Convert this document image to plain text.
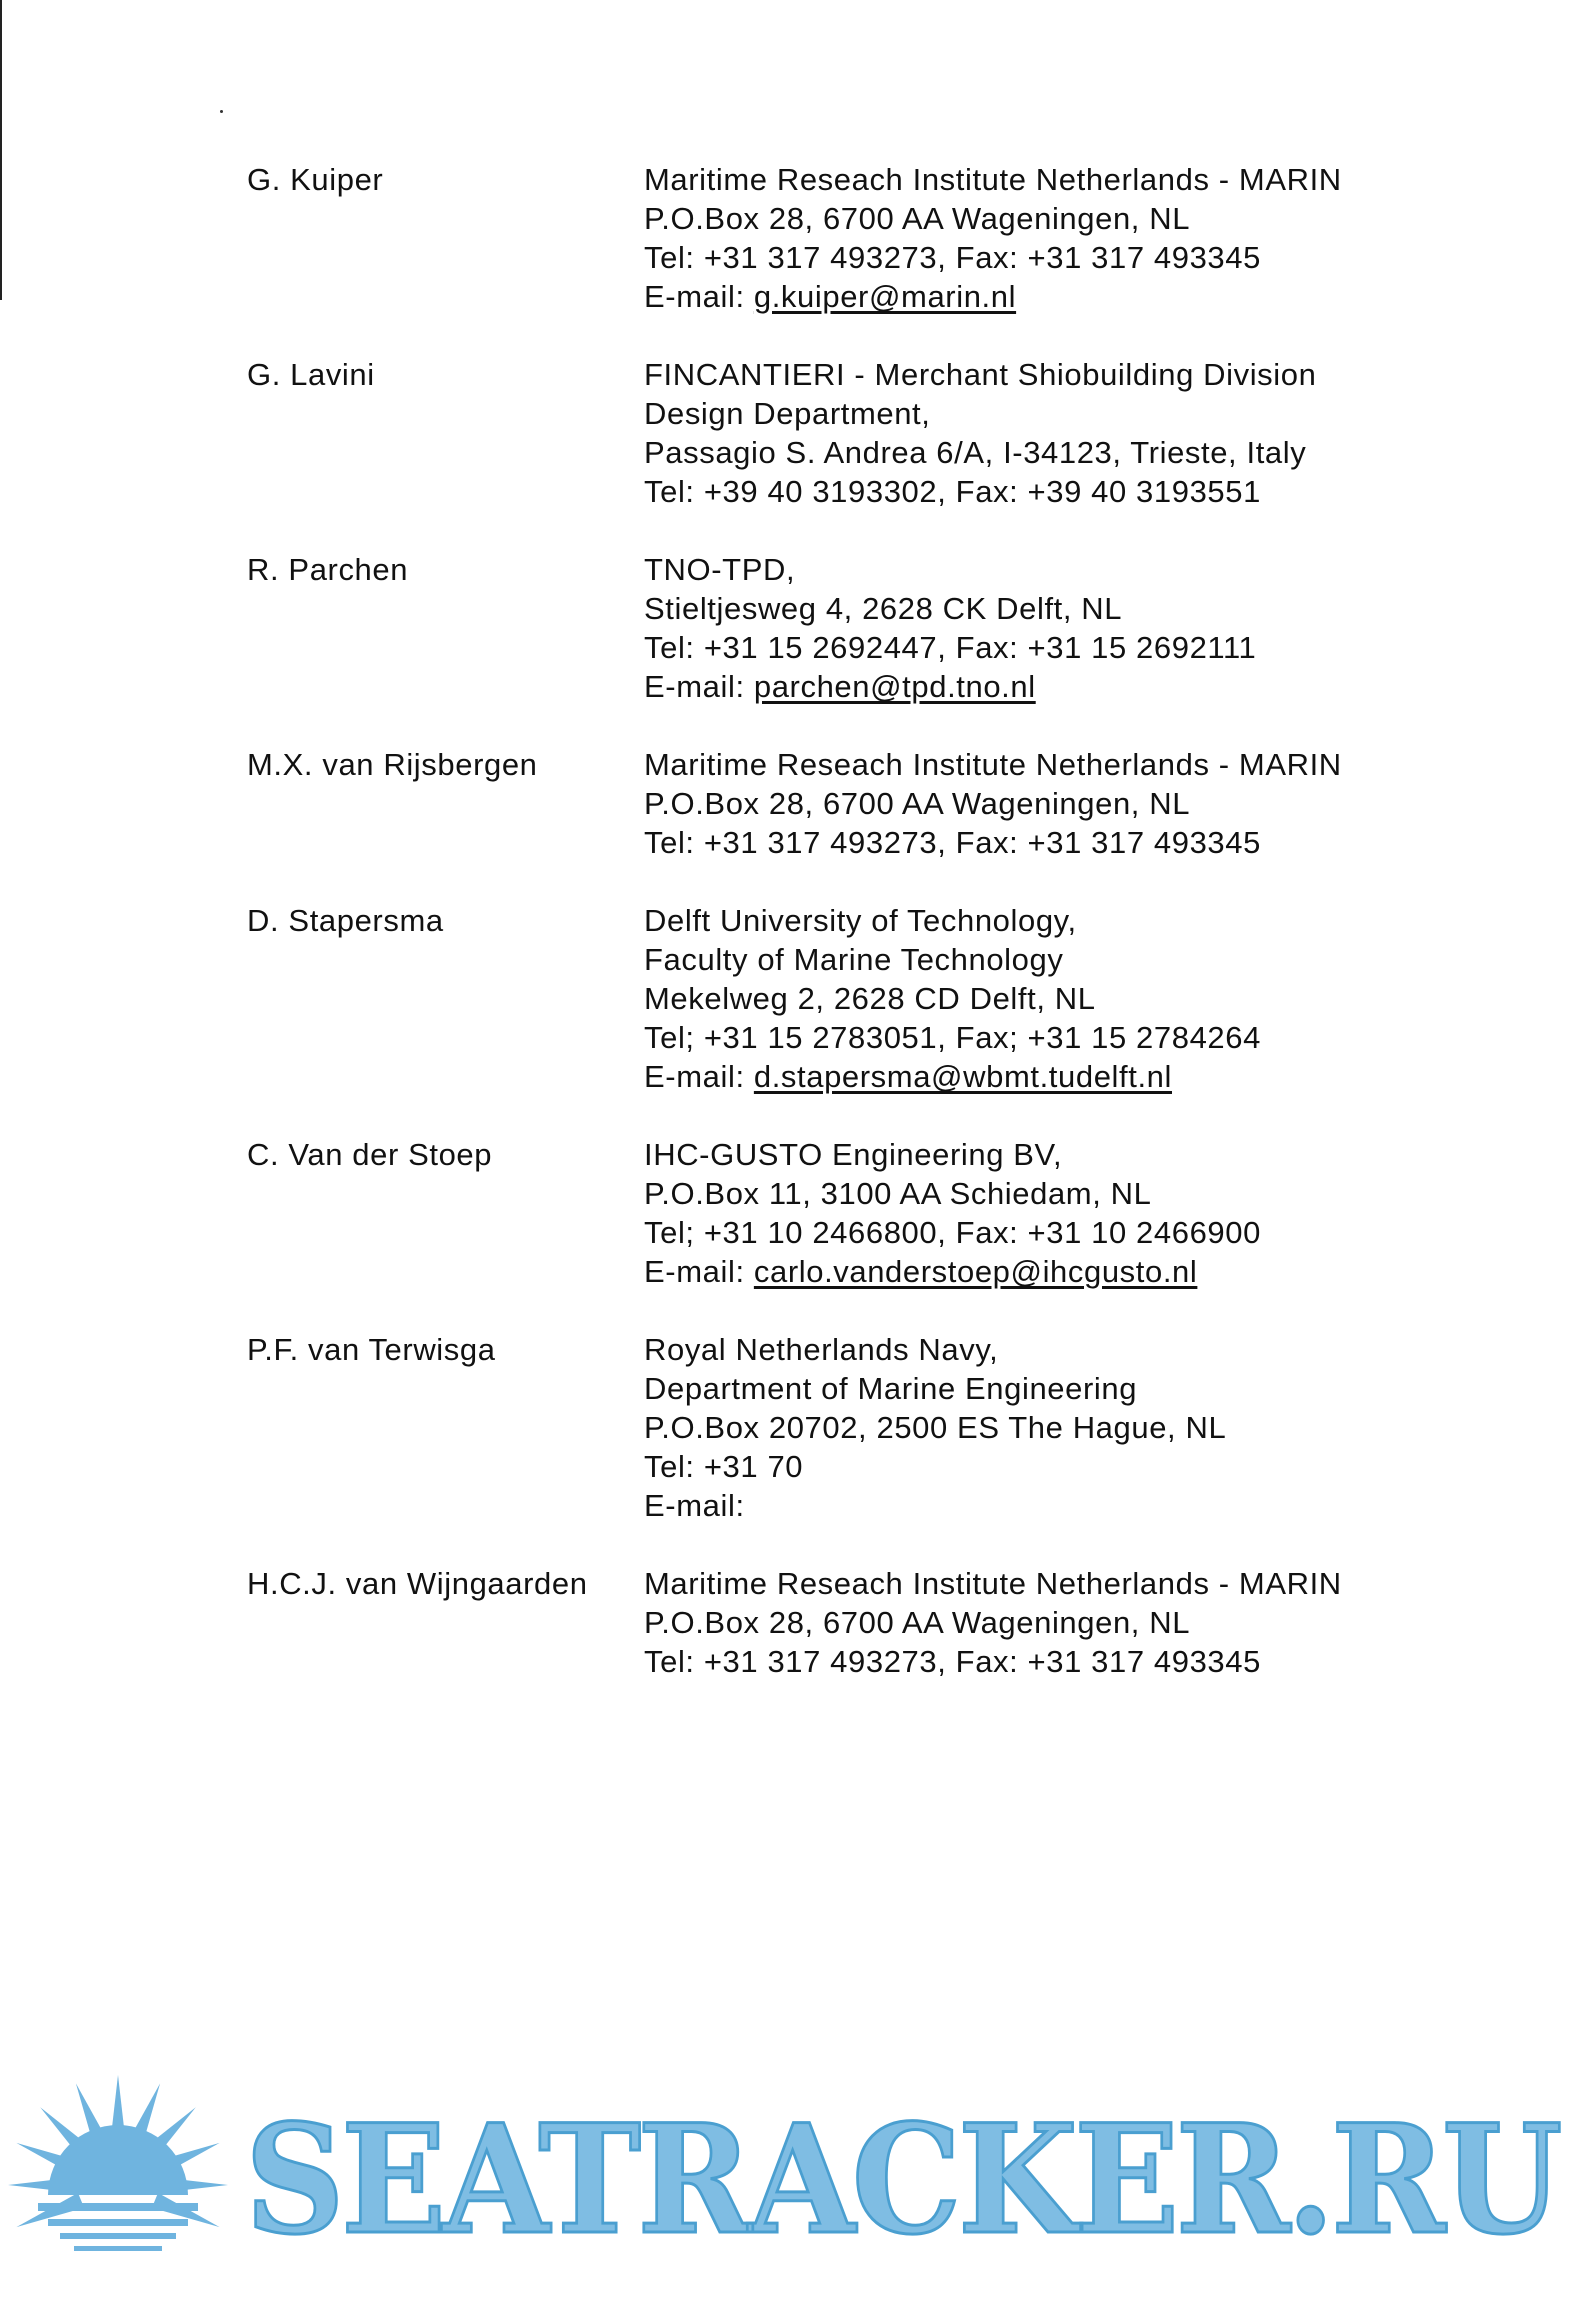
G. Kuiper	Maritime Reseach Institute Netherlands - MARIN
P.O.Box 28, 6700 AA Wageningen, NL
Tel: +31 317 493273, Fax: +31 317 493345
E-mail: g.kuiper@marin.nl
G. Lavini	FINCANTIERI - Merchant Shiobuilding Division
Design Department,
Passagio S. Andrea 6/A, I-34123, Trieste, Italy
Tel: +39 40 3193302, Fax: +39 40 3193551
R. Parchen	TNO-TPD,
Stieltjesweg 4, 2628 CK Delft, NL
Tel: +31 15 2692447, Fax: +31 15 2692111
E-mail: parchen@tpd.tno.nl
M.X. van Rijsbergen	Maritime Reseach Institute Netherlands - MARIN
P.O.Box 28, 6700 AA Wageningen, NL
Tel: +31 317 493273, Fax: +31 317 493345
D. Stapersma	Delft University of Technology,
Faculty of Marine Technology
Mekelweg 2, 2628 CD Delft, NL
Tel; +31 15 2783051, Fax; +31 15 2784264
E-mail: d.stapersma@wbmt.tudelft.nl
C. Van der Stoep	IHC-GUSTO Engineering BV,
P.O.Box 11, 3100 AA Schiedam, NL
Tel; +31 10 2466800, Fax: +31 10 2466900
E-mail: carlo.vanderstoep@ihcgusto.nl
P.F. van Terwisga	Royal Netherlands Navy,
Department of Marine Engineering
P.O.Box 20702, 2500 ES The Hague, NL
Tel: +31 70
E-mail:
H.C.J. van Wijngaarden	Maritime Reseach Institute Netherlands - MARIN
P.O.Box 28, 6700 AA Wageningen, NL
Tel: +31 317 493273, Fax: +31 317 493345
SEATRACKER.RU
